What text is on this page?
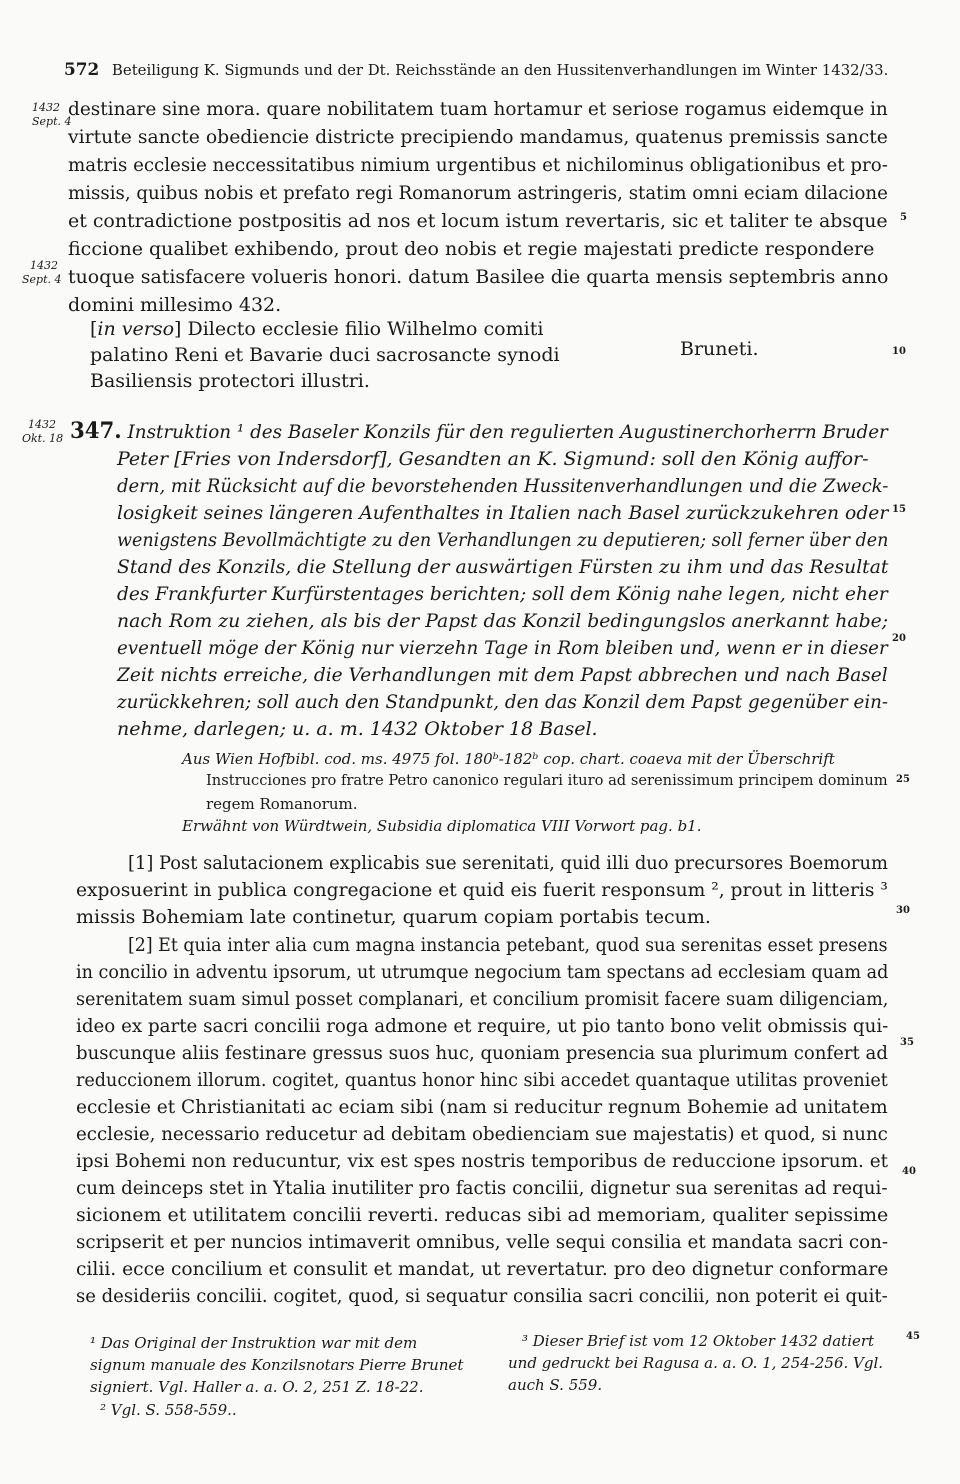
572 Beteiligung K. Sigmunds und der Dt. Reichsstände an den Hussitenverhandlungen im Winter 1432/33.
1432
Sept. 4
1432
Sept. 4
1432
Okt. 18
5
10
15
20
25
30
35
40
45
destinare sine mora. quare nobilitatem tuam hortamur et seriose rogamus eidemque in
virtute sancte obediencie districte precipiendo mandamus, quatenus premissis sancte
matris ecclesie neccessitatibus nimium urgentibus et nichilominus obligationibus et pro-
missis, quibus nobis et prefato regi Romanorum astringeris, statim omni eciam dilacione
et contradictione postpositis ad nos et locum istum revertaris, sic et taliter te absque
ficcione qualibet exhibendo, prout deo nobis et regie majestati predicte respondere
tuoque satisfacere volueris honori. datum Basilee die quarta mensis septembris anno
domini millesimo 432.
[in verso] Dilecto ecclesie filio Wilhelmo comiti
palatino Reni et Bavarie duci sacrosancte synodi
Basiliensis protectori illustri.
Bruneti.
347. Instruktion ¹ des Baseler Konzils für den regulierten Augustinerchorherrn Bruder
Peter [Fries von Indersdorf], Gesandten an K. Sigmund: soll den König auffor-
dern, mit Rücksicht auf die bevorstehenden Hussitenverhandlungen und die Zweck-
losigkeit seines längeren Aufenthaltes in Italien nach Basel zurückzukehren oder
wenigstens Bevollmächtigte zu den Verhandlungen zu deputieren; soll ferner über den
Stand des Konzils, die Stellung der auswärtigen Fürsten zu ihm und das Resultat
des Frankfurter Kurfürstentages berichten; soll dem König nahe legen, nicht eher
nach Rom zu ziehen, als bis der Papst das Konzil bedingungslos anerkannt habe;
eventuell möge der König nur vierzehn Tage in Rom bleiben und, wenn er in dieser
Zeit nichts erreiche, die Verhandlungen mit dem Papst abbrechen und nach Basel
zurückkehren; soll auch den Standpunkt, den das Konzil dem Papst gegenüber ein-
nehme, darlegen; u. a. m. 1432 Oktober 18 Basel.
Aus Wien Hofbibl. cod. ms. 4975 fol. 180ᵇ-182ᵇ cop. chart. coaeva mit der Überschrift
Instrucciones pro fratre Petro canonico regulari ituro ad serenissimum principem dominum
regem Romanorum.
Erwähnt von Würdtwein, Subsidia diplomatica VIII Vorwort pag. b1.
[1] Post salutacionem explicabis sue serenitati, quid illi duo precursores Boemorum
exposuerint in publica congregacione et quid eis fuerit responsum ², prout in litteris ³
missis Bohemiam late continetur, quarum copiam portabis tecum.
[2] Et quia inter alia cum magna instancia petebant, quod sua serenitas esset presens
in concilio in adventu ipsorum, ut utrumque negocium tam spectans ad ecclesiam quam ad
serenitatem suam simul posset complanari, et concilium promisit facere suam diligenciam,
ideo ex parte sacri concilii roga admone et require, ut pio tanto bono velit obmissis qui-
buscunque aliis festinare gressus suos huc, quoniam presencia sua plurimum confert ad
reduccionem illorum. cogitet, quantus honor hinc sibi accedet quantaque utilitas proveniet
ecclesie et Christianitati ac eciam sibi (nam si reducitur regnum Bohemie ad unitatem
ecclesie, necessario reducetur ad debitam obedienciam sue majestatis) et quod, si nunc
ipsi Bohemi non reducuntur, vix est spes nostris temporibus de reduccione ipsorum. et
cum deinceps stet in Ytalia inutiliter pro factis concilii, dignetur sua serenitas ad requi-
sicionem et utilitatem concilii reverti. reducas sibi ad memoriam, qualiter sepissime
scripserit et per nuncios intimaverit omnibus, velle sequi consilia et mandata sacri con-
cilii. ecce concilium et consulit et mandat, ut revertatur. pro deo dignetur conformare
se desideriis concilii. cogitet, quod, si sequatur consilia sacri concilii, non poterit ei quit-
¹ Das Original der Instruktion war mit dem
signum manuale des Konzilsnotars Pierre Brunet
signiert. Vgl. Haller a. a. O. 2, 251 Z. 18-22.
² Vgl. S. 558-559..
³ Dieser Brief ist vom 12 Oktober 1432 datiert
und gedruckt bei Ragusa a. a. O. 1, 254-256. Vgl.
auch S. 559.
